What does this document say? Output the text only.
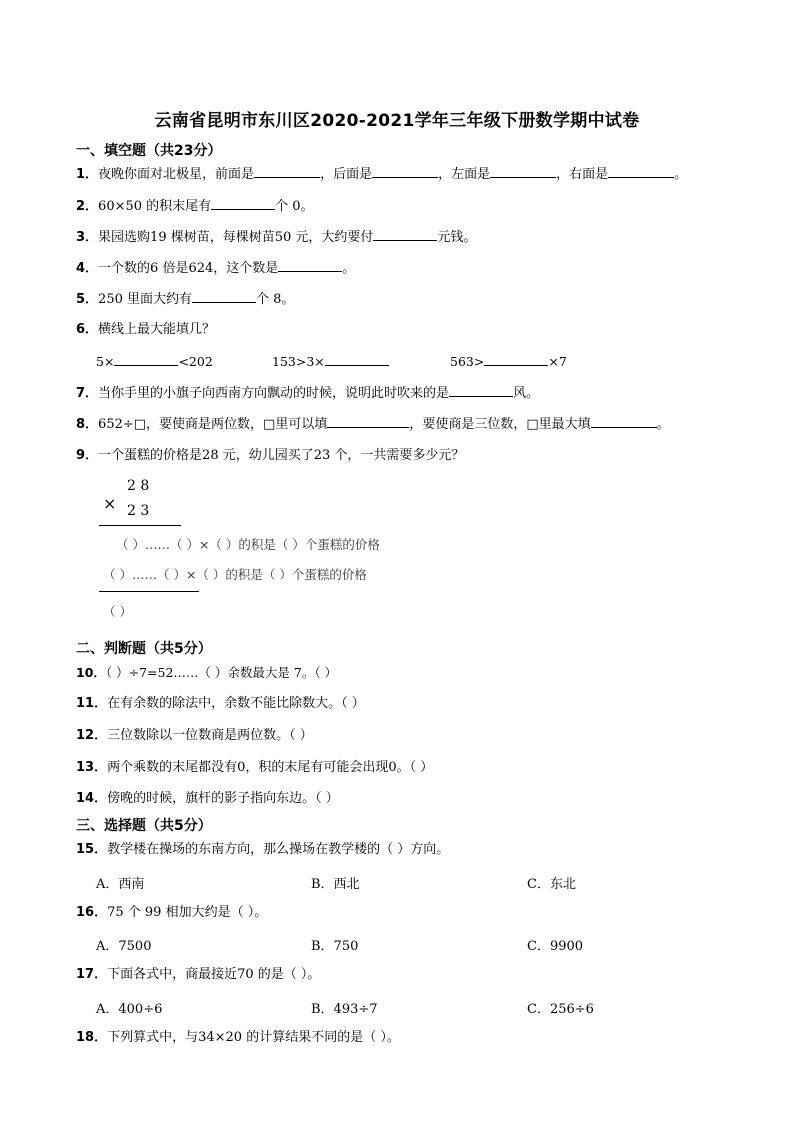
云南省昆明市东川区2020-2021学年三年级下册数学期中试卷
一、填空题（共23分）
1．夜晚你面对北极星，前面是	，后面是	，左面是	，右面是	。
2．60×50 的积末尾有	个 0。
3．果园选购19 棵树苗，每棵树苗50 元，大约要付	元钱。
4．一个数的6 倍是624，这个数是	。
5．250 里面大约有	个 8。
6．横线上最大能填几？
5×	<202	153>3×	563>	×7
7．当你手里的小旗子向西南方向飘动的时候，说明此时吹来的是	风。
8．652÷□，要使商是两位数，□里可以填	，要使商是三位数，□里最大填	。
9．一个蛋糕的价格是28 元，幼儿园买了23 个，一共需要多少元？
2 8
× 2 3
（ ）……（ ）×（ ）的积是（ ）个蛋糕的价格
（ ）……（ ）×（ ）的积是（ ）个蛋糕的价格
（ ）
二、判断题（共5分）
10．（ ）÷7=52……（ ）余数最大是 7。（ ）
11．在有余数的除法中，余数不能比除数大。（ ）
12．三位数除以一位数商是两位数。（ ）
13．两个乘数的末尾都没有0，积的末尾有可能会出现0。（ ）
14．傍晚的时候，旗杆的影子指向东边。（ ）
三、选择题（共5分）
15．教学楼在操场的东南方向，那么操场在教学楼的（ ）方向。
A．西南	B．西北	C．东北
16．75 个 99 相加大约是（ ）。
A．7500	B．750	C．9900
17．下面各式中，商最接近70 的是（ ）。
A．400÷6	B．493÷7	C．256÷6
18．下列算式中，与34×20 的计算结果不同的是（ ）。
